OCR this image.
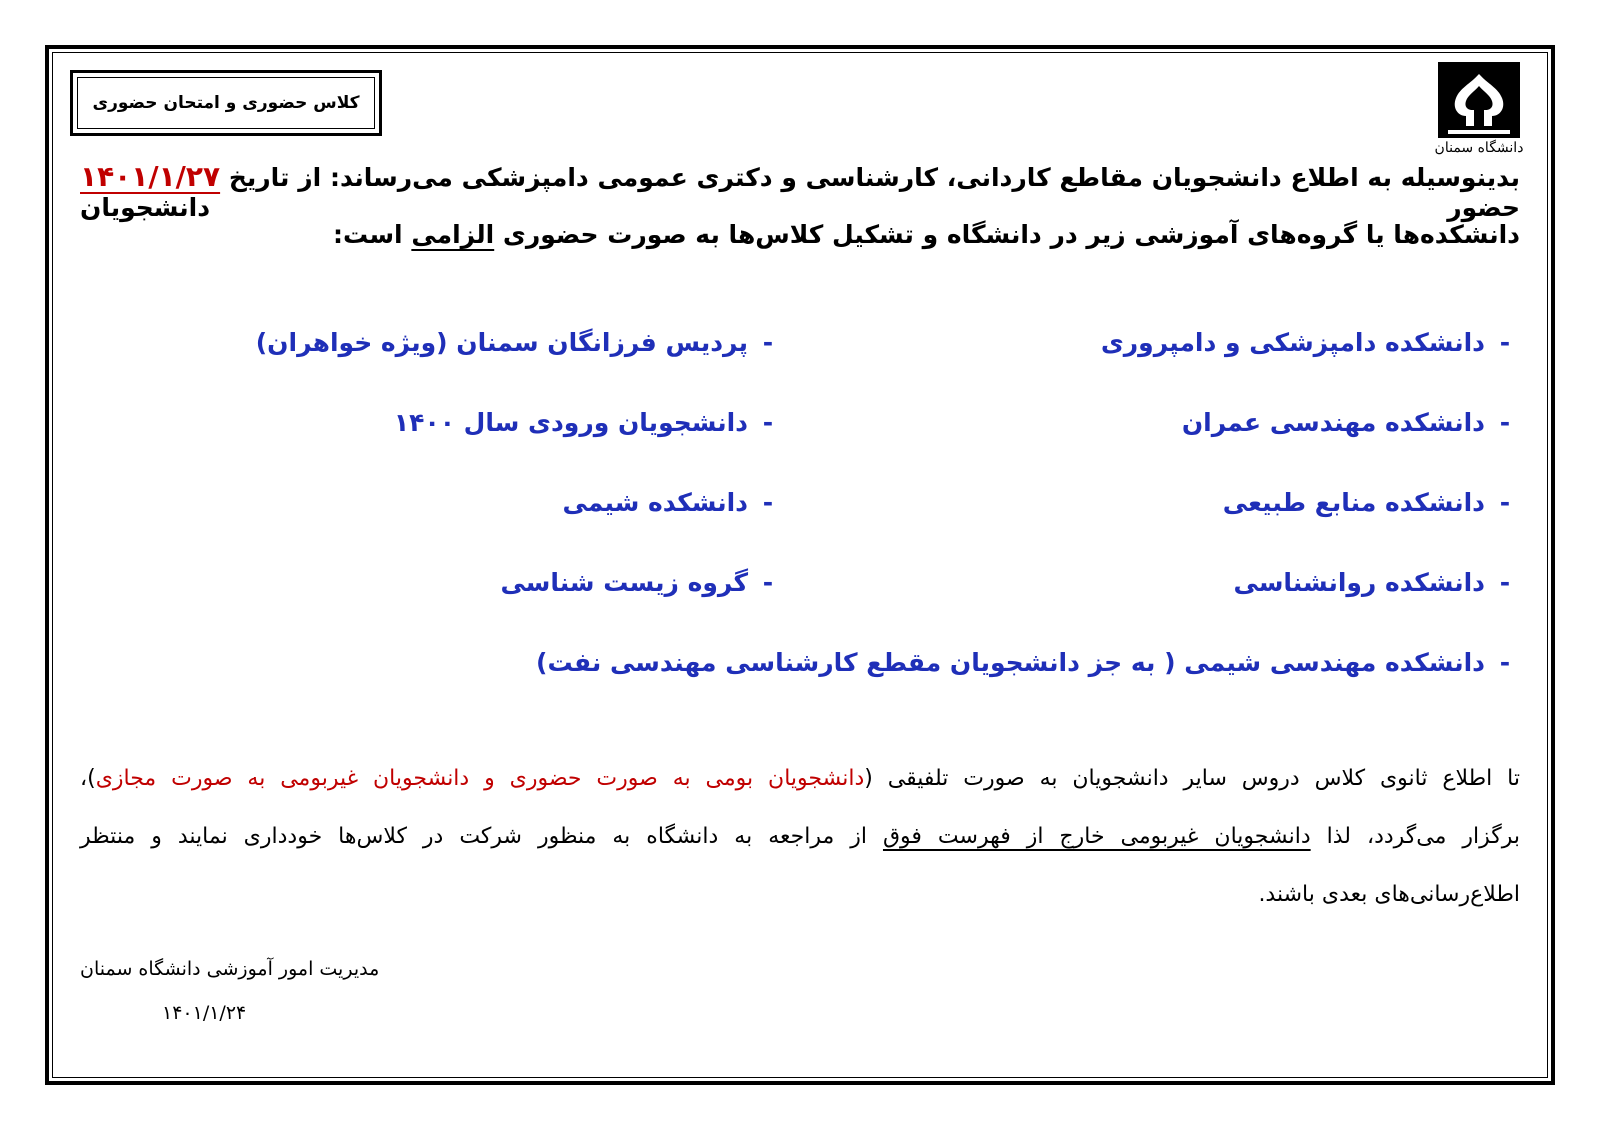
کلاس حضوری و امتحان حضوری
دانشگاه سمنان
بدینوسیله به اطلاع دانشجویان مقاطع کاردانی، کارشناسی و دکتری عمومی دامپزشکی می‌رساند: از تاریخ ۱۴۰۱/۱/۲۷ حضور دانشجویان
دانشکده‌ها یا گروه‌های آموزشی زیر در دانشگاه و تشکیل کلاس‌ها به صورت حضوری الزامی است:
-دانشکده دامپزشکی و دامپروری
-دانشکده مهندسی عمران
-دانشکده منابع طبیعی
-دانشکده روانشناسی
-پردیس فرزانگان سمنان (ویژه خواهران)
-دانشجویان ورودی سال ۱۴۰۰
-دانشکده شیمی
-گروه زیست شناسی
-دانشکده مهندسی شیمی ( به جز دانشجویان مقطع کارشناسی مهندسی نفت)
تا اطلاع ثانوی کلاس دروس سایر دانشجویان به صورت تلفیقی (دانشجویان بومی به صورت حضوری و دانشجویان غیربومی به صورت مجازی)،
برگزار می‌گردد، لذا دانشجویان غیربومی خارج از فهرست فوق از مراجعه به دانشگاه به منظور شرکت در کلاس‌ها خودداری نمایند و منتظر
اطلاع‌رسانی‌های بعدی باشند.
مدیریت امور آموزشی دانشگاه سمنان
۱۴۰۱/۱/۲۴
